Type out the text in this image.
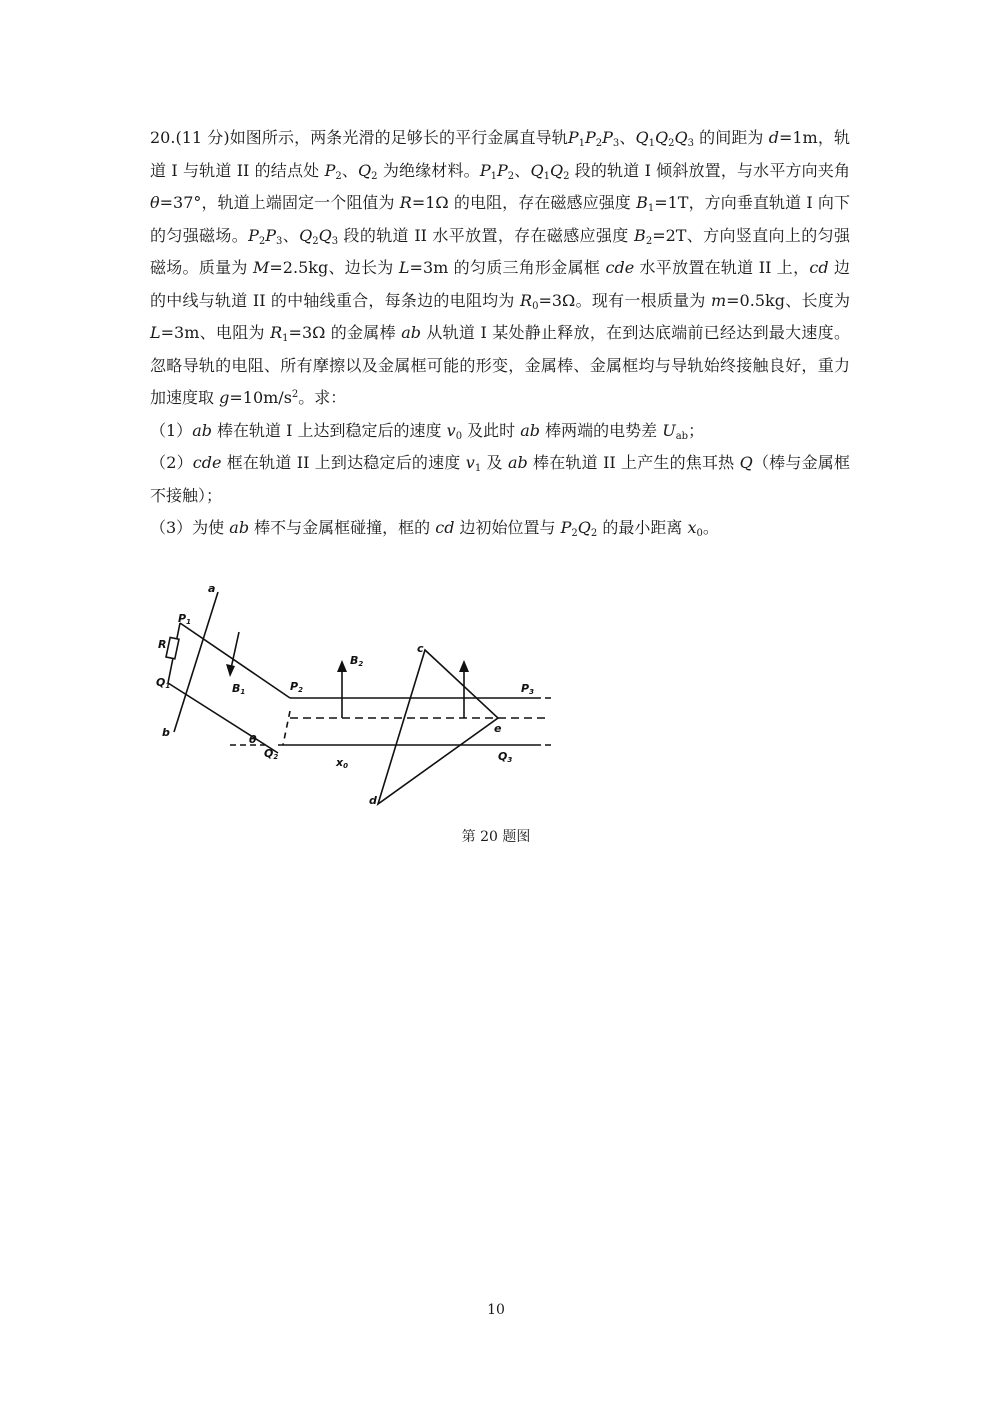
20.(11 分)如图所示，两条光滑的足够长的平行金属直导轨$P_1P_2P_3$、$Q_1Q_2Q_3$ 的间距为 d=1m，轨道 I 与轨道 II 的结点处 $P_2$、$Q_2$ 为绝缘材料。$P_1P_2$、$Q_1Q_2$ 段的轨道 I 倾斜放置，与水平方向夹角 θ=37°，轨道上端固定一个阻值为 R=1Ω 的电阻，存在磁感应强度 $B_1=1T$，方向垂直轨道 I 向下的匀强磁场。$P_2P_3$、$Q_2Q_3$ 段的轨道 II 水平放置，存在磁感应强度 $B_2=2T$、方向竖直向上的匀强磁场。质量为 M=2.5kg、边长为 L=3m 的匀质三角形金属框 cde 水平放置在轨道 II 上，cd 边的中线与轨道 II 的中轴线重合，每条边的电阻均为 $R_0=3\Omega$。现有一根质量为 m=0.5kg、长度为 L=3m、电阻为 $R_1=3\Omega$ 的金属棒 ab 从轨道 I 某处静止释放，在到达底端前已经达到最大速度。忽略导轨的电阻、所有摩擦以及金属框可能的形变，金属棒、金属框均与导轨始终接触良好，重力加速度取 $g=10m/s^2$。求：

（1）ab 棒在轨道 I 上达到稳定后的速度 $v_0$ 及此时 ab 棒两端的电势差 $U_{ab}$；

（2）cde 框在轨道 II 上到达稳定后的速度 $v_1$ 及 ab 棒在轨道 II 上产生的焦耳热 Q（棒与金属框不接触）；

（3）为使 ab 棒不与金属框碰撞，框的 cd 边初始位置与 $P_2Q_2$ 的最小距离 $x_0$。

a
b
R
P1
Q1	B1	P2
Q2
θ
B2
c
d
e
P3
Q3
x0
第 20 题图
10
